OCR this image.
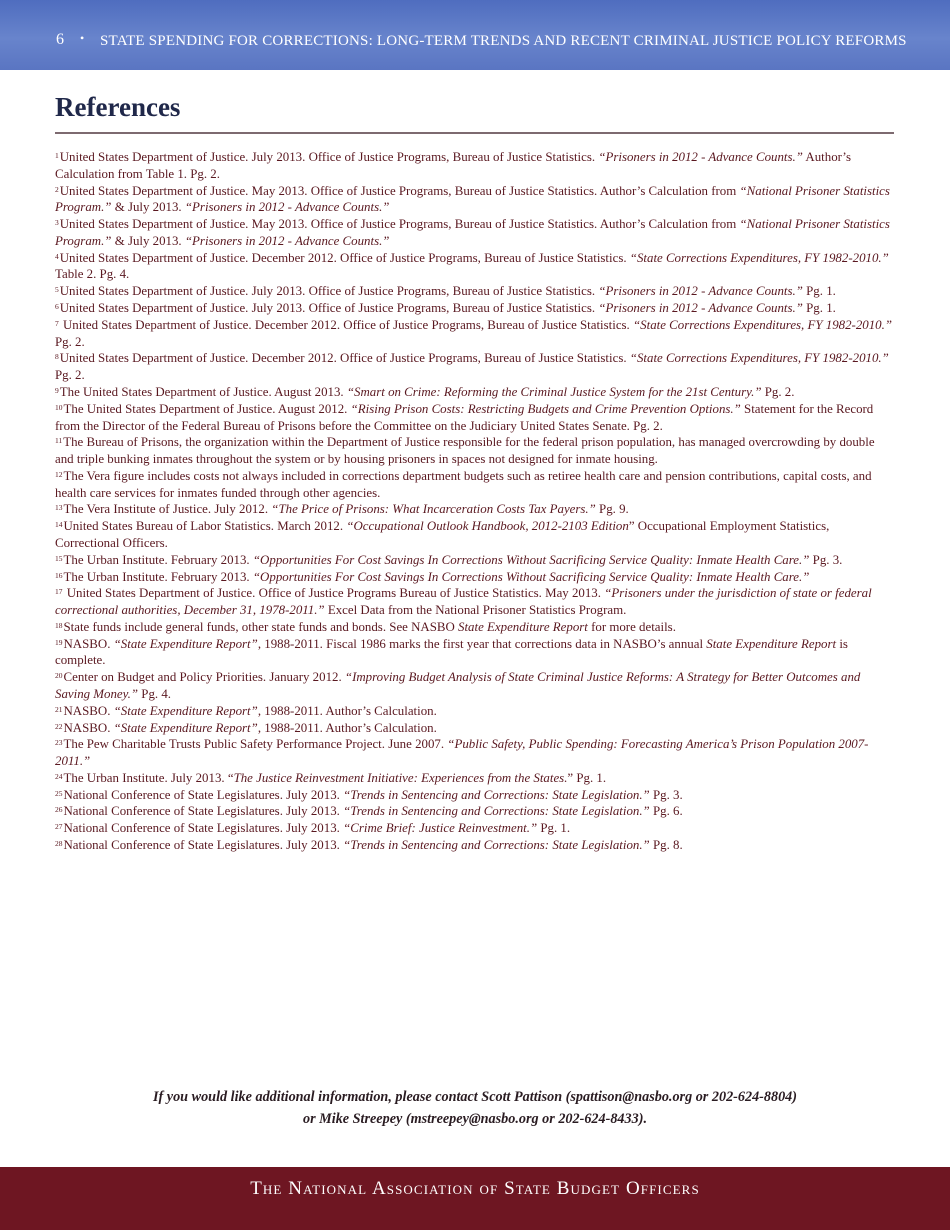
6 • STATE SPENDING FOR CORRECTIONS: LONG-TERM TRENDS AND RECENT CRIMINAL JUSTICE POLICY REFORMS
References

$^1$United States Department of Justice. July 2013. Office of Justice Programs, Bureau of Justice Statistics. “Prisoners in 2012 - Advance Counts.” Author’s Calculation from Table 1. Pg. 2.

$^2$United States Department of Justice. May 2013. Office of Justice Programs, Bureau of Justice Statistics. Author’s Calculation from “National Prisoner Statistics Program.” & July 2013. “Prisoners in 2012 - Advance Counts.”

$^3$United States Department of Justice. May 2013. Office of Justice Programs, Bureau of Justice Statistics. Author’s Calculation from “National Prisoner Statistics Program.” & July 2013. “Prisoners in 2012 - Advance Counts.”

$^4$United States Department of Justice. December 2012. Office of Justice Programs, Bureau of Justice Statistics. “State Corrections Expenditures, FY 1982-2010.” Table 2. Pg. 4.

$^5$United States Department of Justice. July 2013. Office of Justice Programs, Bureau of Justice Statistics. “Prisoners in 2012 - Advance Counts.” Pg. 1.

$^6$United States Department of Justice. July 2013. Office of Justice Programs, Bureau of Justice Statistics. “Prisoners in 2012 - Advance Counts.” Pg. 1.

$^7$ United States Department of Justice. December 2012. Office of Justice Programs, Bureau of Justice Statistics. “State Corrections Expenditures, FY 1982-2010.” Pg. 2.

$^8$United States Department of Justice. December 2012. Office of Justice Programs, Bureau of Justice Statistics. “State Corrections Expenditures, FY 1982-2010.” Pg. 2.

$^9$The United States Department of Justice. August 2013. “Smart on Crime: Reforming the Criminal Justice System for the 21st Century.” Pg. 2.

$^{10}$The United States Department of Justice. August 2012. “Rising Prison Costs: Restricting Budgets and Crime Prevention Options.” Statement for the Record from the Director of the Federal Bureau of Prisons before the Committee on the Judiciary United States Senate. Pg. 2.

$^{11}$The Bureau of Prisons, the organization within the Department of Justice responsible for the federal prison population, has managed overcrowding by double and triple bunking inmates throughout the system or by housing prisoners in spaces not designed for inmate housing.

$^{12}$The Vera figure includes costs not always included in corrections department budgets such as retiree health care and pension contributions, capital costs, and health care services for inmates funded through other agencies.

$^{13}$The Vera Institute of Justice. July 2012. “The Price of Prisons: What Incarceration Costs Tax Payers.” Pg. 9.

$^{14}$United States Bureau of Labor Statistics. March 2012. “Occupational Outlook Handbook, 2012-2103 Edition” Occupational Employment Statistics, Correctional Officers.

$^{15}$The Urban Institute. February 2013. “Opportunities For Cost Savings In Corrections Without Sacrificing Service Quality: Inmate Health Care.” Pg. 3.

$^{16}$The Urban Institute. February 2013. “Opportunities For Cost Savings In Corrections Without Sacrificing Service Quality: Inmate Health Care.”

$^{17}$ United States Department of Justice. Office of Justice Programs Bureau of Justice Statistics. May 2013. “Prisoners under the jurisdiction of state or federal correctional authorities, December 31, 1978-2011.” Excel Data from the National Prisoner Statistics Program.

$^{18}$State funds include general funds, other state funds and bonds. See NASBO State Expenditure Report for more details.

$^{19}$NASBO. “State Expenditure Report”, 1988-2011. Fiscal 1986 marks the first year that corrections data in NASBO’s annual State Expenditure Report is complete.

$^{20}$Center on Budget and Policy Priorities. January 2012. “Improving Budget Analysis of State Criminal Justice Reforms: A Strategy for Better Outcomes and Saving Money.” Pg. 4.

$^{21}$NASBO. “State Expenditure Report”, 1988-2011. Author’s Calculation.

$^{22}$NASBO. “State Expenditure Report”, 1988-2011. Author’s Calculation.

$^{23}$The Pew Charitable Trusts Public Safety Performance Project. June 2007. “Public Safety, Public Spending: Forecasting America’s Prison Population 2007-2011.”

$^{24}$The Urban Institute. July 2013. “The Justice Reinvestment Initiative: Experiences from the States.” Pg. 1.

$^{25}$National Conference of State Legislatures. July 2013. “Trends in Sentencing and Corrections: State Legislation.” Pg. 3.

$^{26}$National Conference of State Legislatures. July 2013. “Trends in Sentencing and Corrections: State Legislation.” Pg. 6.

$^{27}$National Conference of State Legislatures. July 2013. “Crime Brief: Justice Reinvestment.” Pg. 1.

$^{28}$National Conference of State Legislatures. July 2013. “Trends in Sentencing and Corrections: State Legislation.” Pg. 8.

If you would like additional information, please contact Scott Pattison (spattison@nasbo.org or 202-624-8804)
or Mike Streepey (mstreepey@nasbo.org or 202-624-8433).
The National Association of State Budget Officers
